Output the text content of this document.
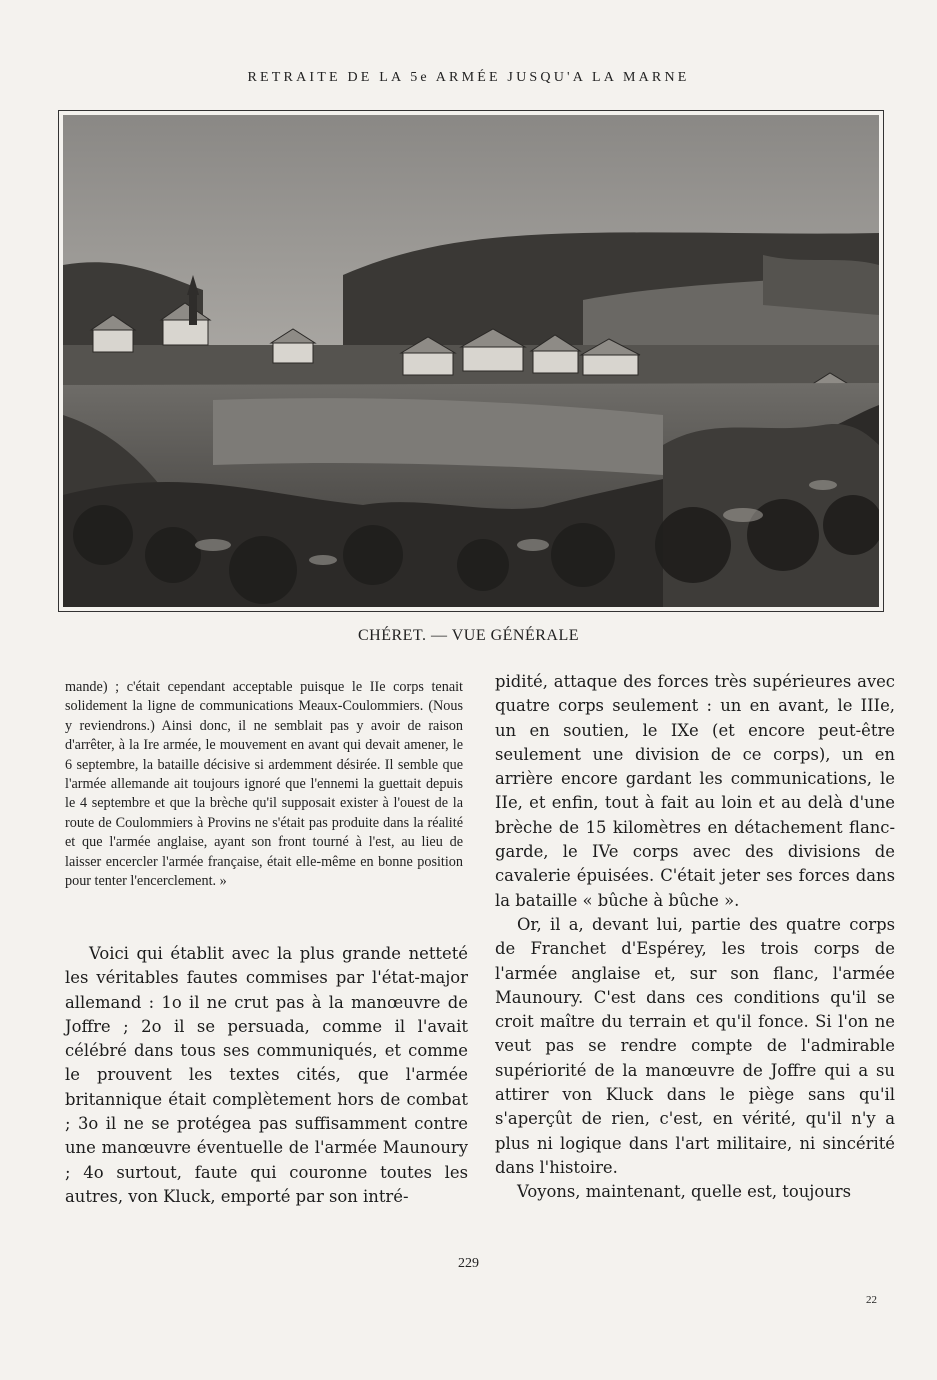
RETRAITE DE LA 5e ARMÉE JUSQU'A LA MARNE
CHÉRET. — VUE GÉNÉRALE

mande) ; c'était cependant acceptable puisque le IIe corps tenait solidement la ligne de communications Meaux-Coulommiers. (Nous y reviendrons.) Ainsi donc, il ne semblait pas y avoir de raison d'arrêter, à la Ire armée, le mouvement en avant qui devait amener, le 6 septembre, la bataille décisive si ardemment désirée. Il semble que l'armée allemande ait toujours ignoré que l'ennemi la guettait depuis le 4 septembre et que la brèche qu'il supposait exister à l'ouest de la route de Coulommiers à Provins ne s'était pas produite dans la réalité et que l'armée anglaise, ayant son front tourné à l'est, au lieu de laisser encercler l'armée française, était elle-même en bonne position pour tenter l'encerclement. »

Voici qui établit avec la plus grande netteté les véritables fautes commises par l'état-major allemand : 1o il ne crut pas à la manœuvre de Joffre ; 2o il se persuada, comme il l'avait célébré dans tous ses communiqués, et comme le prouvent les textes cités, que l'armée britannique était complètement hors de combat ; 3o il ne se protégea pas suffisamment contre une manœuvre éventuelle de l'armée Maunoury ; 4o surtout, faute qui couronne toutes les autres, von Kluck, emporté par son intré-

pidité, attaque des forces très supérieures avec quatre corps seulement : un en avant, le IIIe, un en soutien, le IXe (et encore peut-être seulement une division de ce corps), un en arrière encore gardant les communications, le IIe, et enfin, tout à fait au loin et au delà d'une brèche de 15 kilomètres en détachement flanc-garde, le IVe corps avec des divisions de cavalerie épuisées. C'était jeter ses forces dans la bataille « bûche à bûche ».

Or, il a, devant lui, partie des quatre corps de Franchet d'Espérey, les trois corps de l'armée anglaise et, sur son flanc, l'armée Maunoury. C'est dans ces conditions qu'il se croit maître du terrain et qu'il fonce. Si l'on ne veut pas se rendre compte de l'admirable supériorité de la manœuvre de Joffre qui a su attirer von Kluck dans le piège sans qu'il s'aperçût de rien, c'est, en vérité, qu'il n'y a plus ni logique dans l'art militaire, ni sincérité dans l'histoire.

Voyons, maintenant, quelle est, toujours

229
22
